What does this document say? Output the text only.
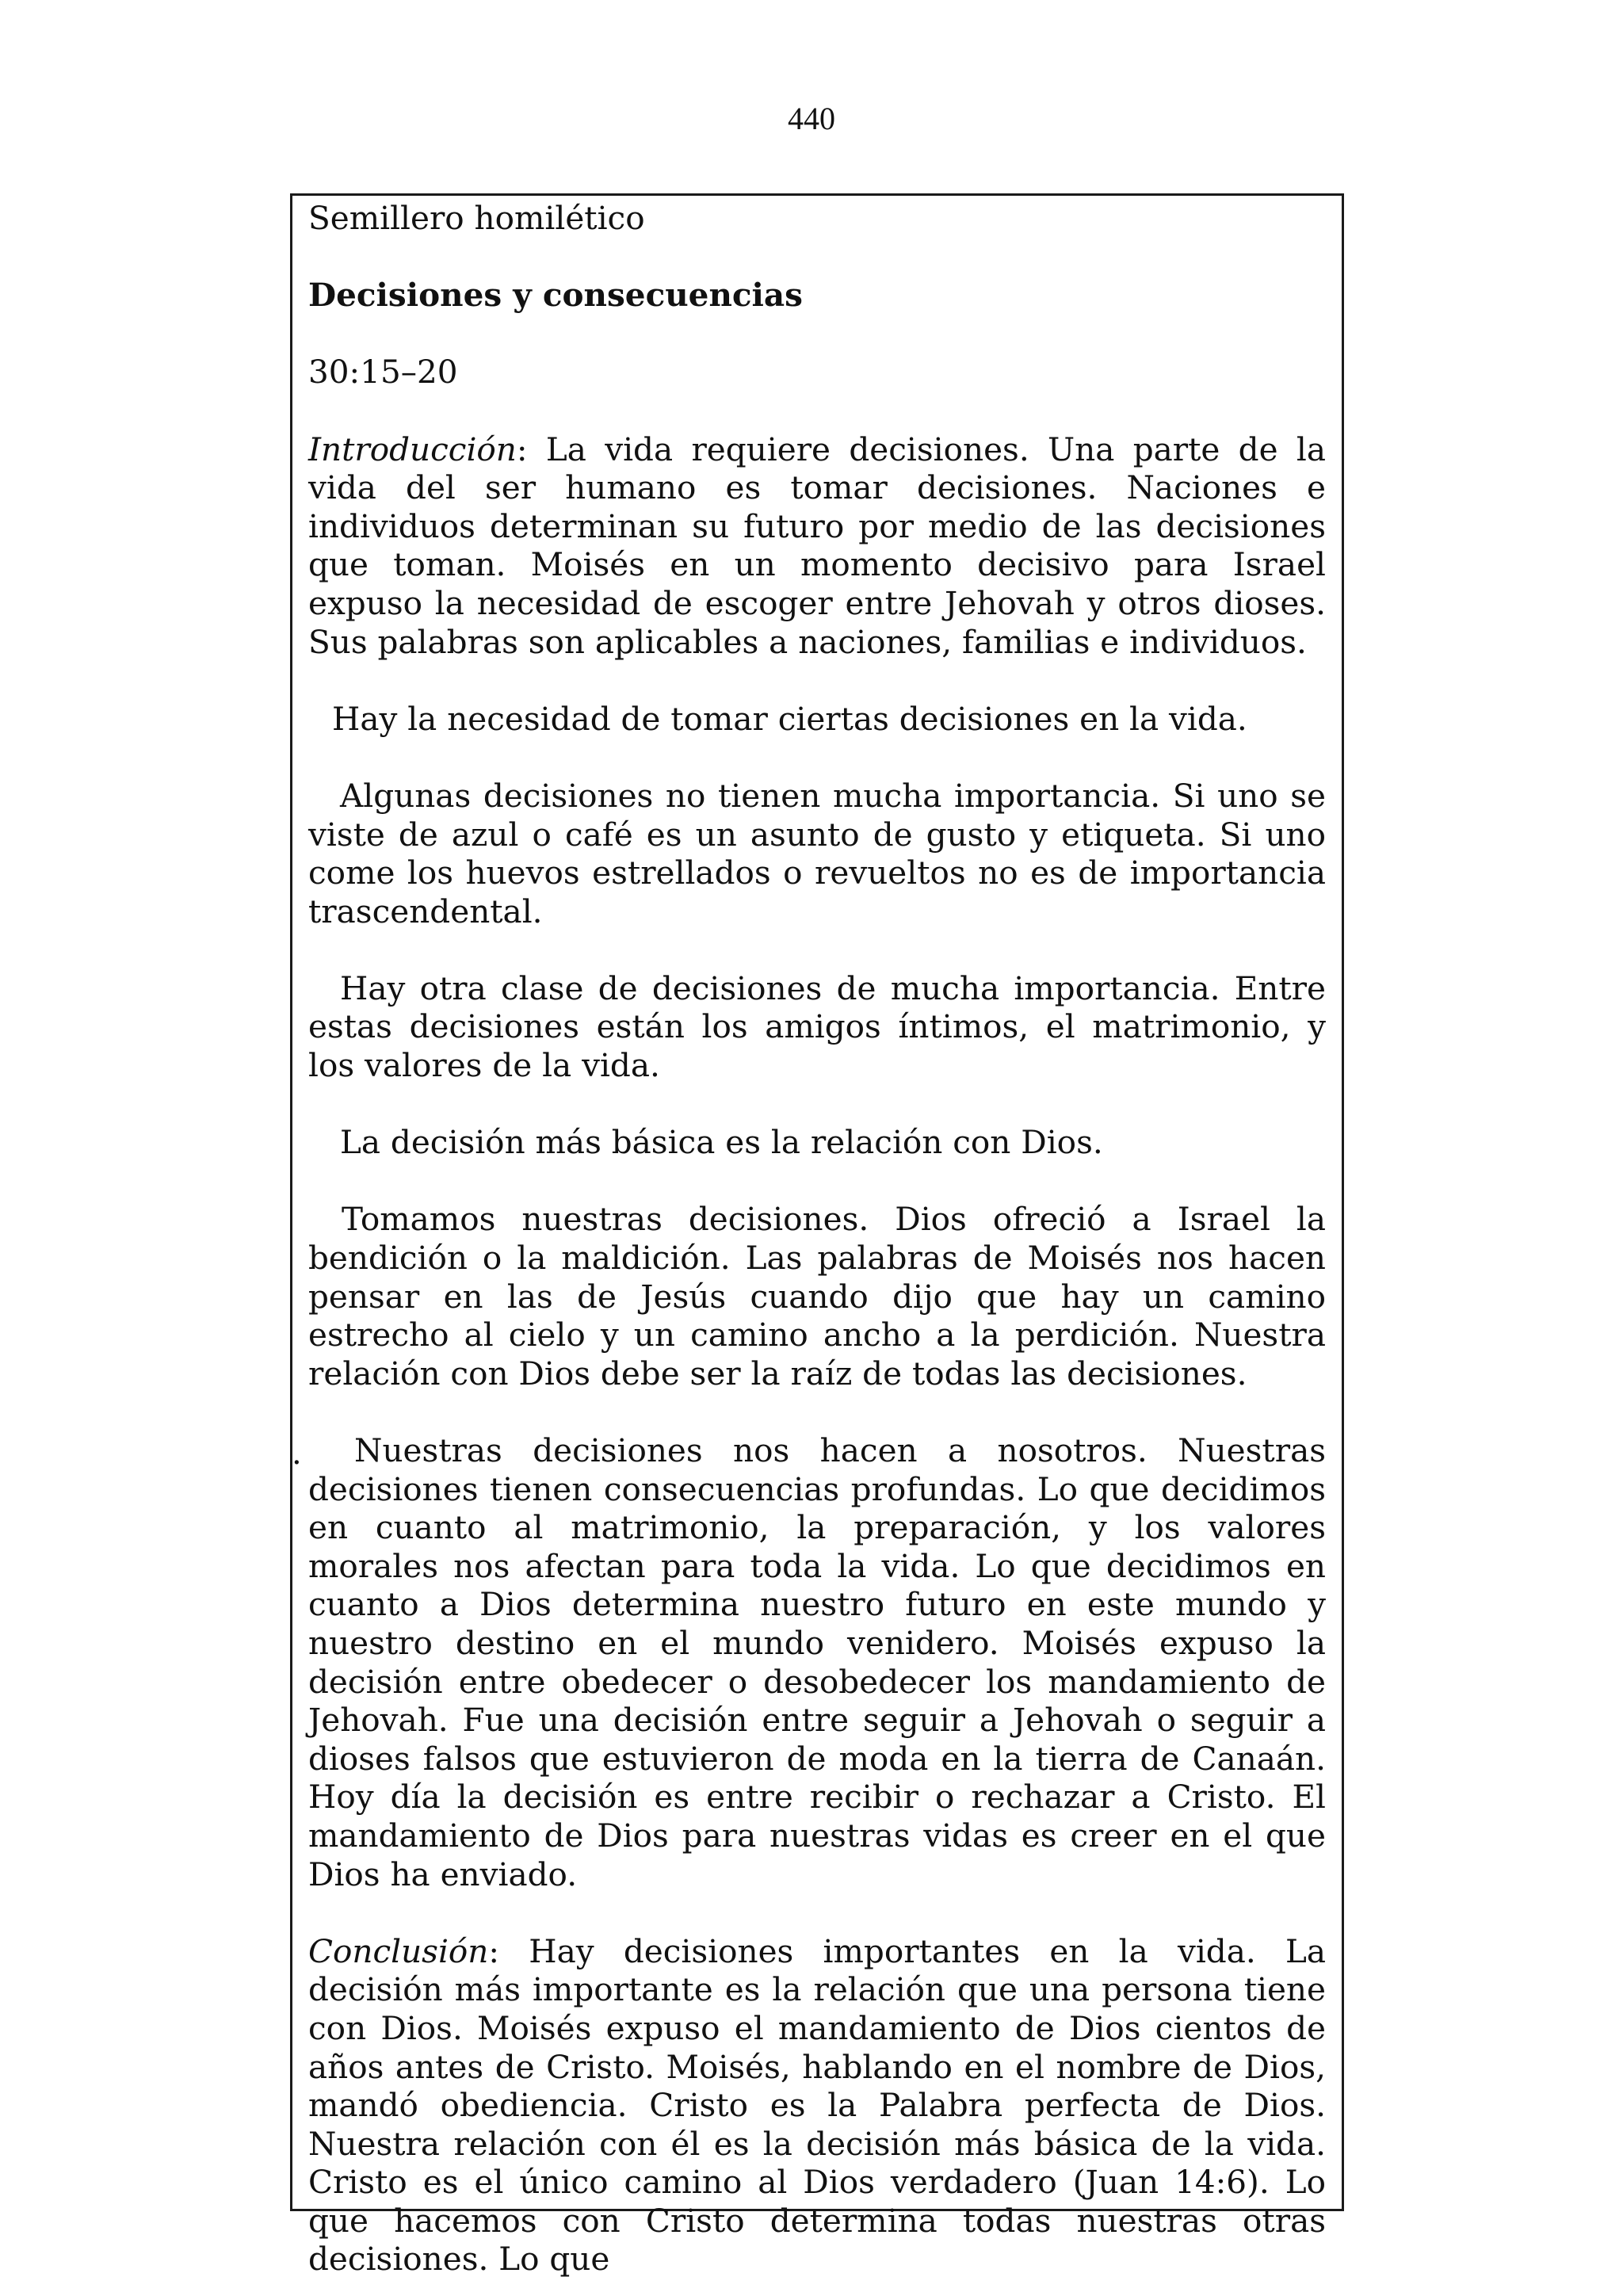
440

Semillero homilético

Decisiones y consecuencias

30:15–20

Introducción: La vida requiere decisiones. Una parte de la vida del ser humano es tomar decisiones. Naciones e individuos determinan su futuro por medio de las decisiones que toman. Moisés en un momento decisivo para Israel expuso la necesidad de escoger entre Jehovah y otros dioses. Sus palabras son aplicables a naciones, familias e individuos.

Hay la necesidad de tomar ciertas decisiones en la vida.

Algunas decisiones no tienen mucha importancia. Si uno se viste de azul o café es un asunto de gusto y etiqueta. Si uno come los huevos estrellados o revueltos no es de importancia trascendental.

Hay otra clase de decisiones de mucha importancia. Entre estas decisiones están los amigos íntimos, el matrimonio, y los valores de la vida.

La decisión más básica es la relación con Dios.

Tomamos nuestras decisiones. Dios ofreció a Israel la bendición o la maldición. Las palabras de Moisés nos hacen pensar en las de Jesús cuando dijo que hay un camino estrecho al cielo y un camino ancho a la perdición. Nuestra relación con Dios debe ser la raíz de todas las decisiones.

Nuestras decisiones nos hacen a nosotros. Nuestras decisiones tienen consecuencias profundas. Lo que decidimos en cuanto al matrimonio, la preparación, y los valores morales nos afectan para toda la vida. Lo que decidimos en cuanto a Dios determina nuestro futuro en este mundo y nuestro destino en el mundo venidero. Moisés expuso la decisión entre obedecer o desobedecer los mandamiento de Jehovah. Fue una decisión entre seguir a Jehovah o seguir a dioses falsos que estuvieron de moda en la tierra de Canaán. Hoy día la decisión es entre recibir o rechazar a Cristo. El mandamiento de Dios para nuestras vidas es creer en el que Dios ha enviado.

Conclusión: Hay decisiones importantes en la vida. La decisión más importante es la relación que una persona tiene con Dios. Moisés expuso el mandamiento de Dios cientos de años antes de Cristo. Moisés, hablando en el nombre de Dios, mandó obediencia. Cristo es la Palabra perfecta de Dios. Nuestra relación con él es la decisión más básica de la vida. Cristo es el único camino al Dios verdadero (Juan 14:6). Lo que hacemos con Cristo determina todas nuestras otras decisiones. Lo que

.
